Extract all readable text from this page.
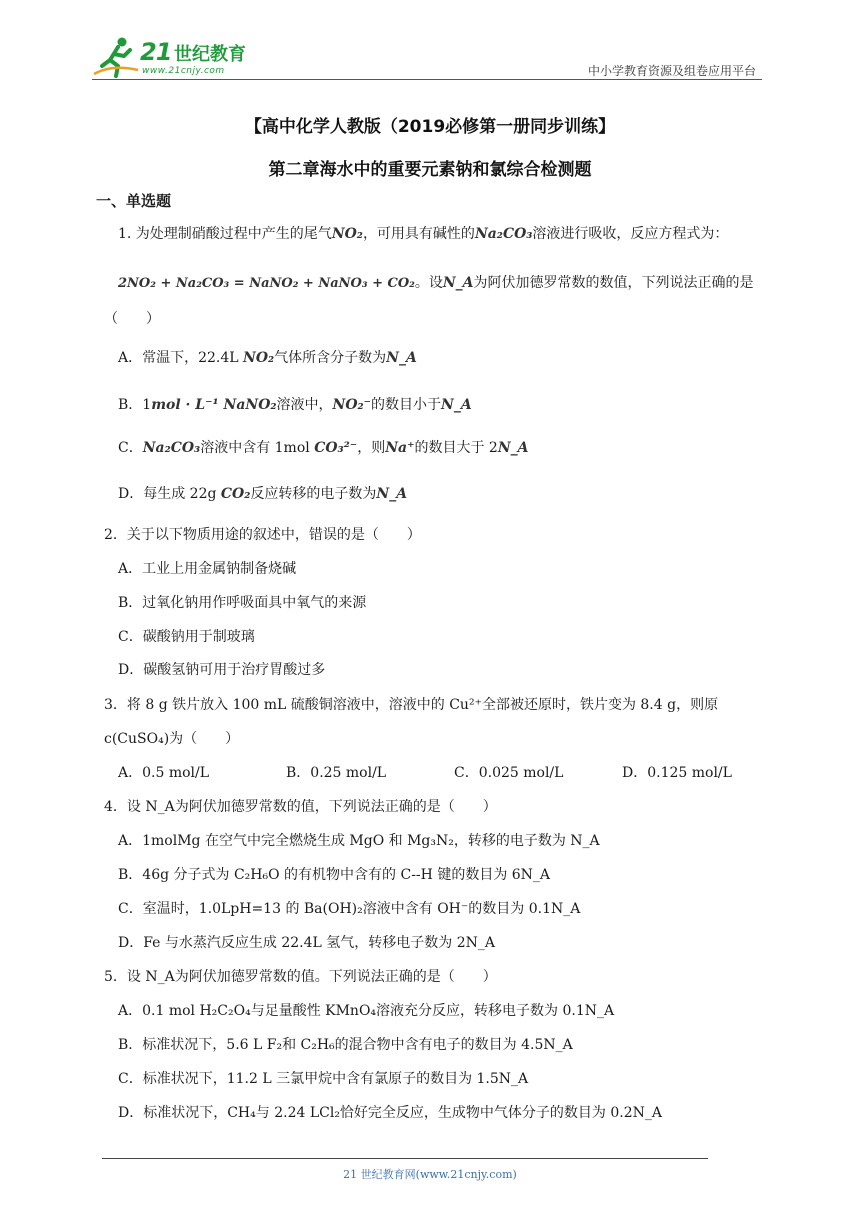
21 世纪教育
www.21cnjy.com	中小学教育资源及组卷应用平台
【高中化学人教版（2019必修第一册同步训练】
第二章海水中的重要元素钠和氯综合检测题
一、单选题
1. 为处理制硝酸过程中产生的尾气NO₂，可用具有碱性的Na₂CO₃溶液进行吸收，反应方程式为：
2NO₂ + Na₂CO₃ = NaNO₂ + NaNO₃ + CO₂。设N_A为阿伏加德罗常数的数值，下列说法正确的是
（　　）
A．常温下，22.4L NO₂气体所含分子数为N_A
B．1mol · L⁻¹ NaNO₂溶液中，NO₂⁻的数目小于N_A
C．Na₂CO₃溶液中含有 1mol CO₃²⁻，则Na⁺的数目大于 2N_A
D．每生成 22g CO₂反应转移的电子数为N_A
2．关于以下物质用途的叙述中，错误的是（　　）
A．工业上用金属钠制备烧碱
B．过氧化钠用作呼吸面具中氧气的来源
C．碳酸钠用于制玻璃
D．碳酸氢钠可用于治疗胃酸过多
3．将 8 g 铁片放入 100 mL 硫酸铜溶液中，溶液中的 Cu²⁺全部被还原时，铁片变为 8.4 g，则原
c(CuSO₄)为（　　）
A．0.5 mol/L	B．0.25 mol/L	C．0.025 mol/L	D．0.125 mol/L
4．设 N_A为阿伏加德罗常数的值，下列说法正确的是（　　）
A．1molMg 在空气中完全燃烧生成 MgO 和 Mg₃N₂，转移的电子数为 N_A
B．46g 分子式为 C₂H₆O 的有机物中含有的 C--H 键的数目为 6N_A
C．室温时，1.0LpH=13 的 Ba(OH)₂溶液中含有 OH⁻的数目为 0.1N_A
D．Fe 与水蒸汽反应生成 22.4L 氢气，转移电子数为 2N_A
5．设 N_A为阿伏加德罗常数的值。下列说法正确的是（　　）
A．0.1 mol H₂C₂O₄与足量酸性 KMnO₄溶液充分反应，转移电子数为 0.1N_A
B．标准状况下，5.6 L F₂和 C₂H₆的混合物中含有电子的数目为 4.5N_A
C．标准状况下，11.2 L 三氯甲烷中含有氯原子的数目为 1.5N_A
D．标准状况下，CH₄与 2.24 LCl₂恰好完全反应，生成物中气体分子的数目为 0.2N_A
21 世纪教育网(www.21cnjy.com)
